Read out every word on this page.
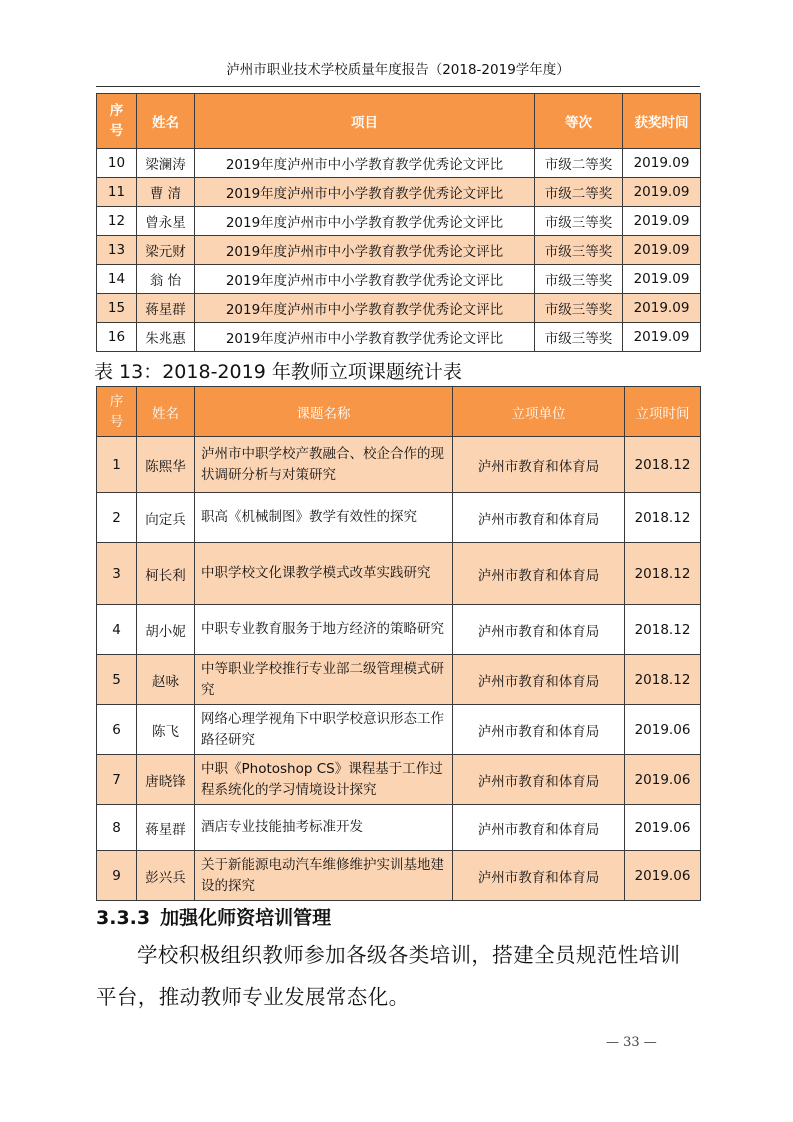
泸州市职业技术学校质量年度报告（2018-2019学年度）
序号	姓名	项目	等次	获奖时间
10	梁澜涛	2019年度泸州市中小学教育教学优秀论文评比	市级二等奖	2019.09
11	曹 清	2019年度泸州市中小学教育教学优秀论文评比	市级二等奖	2019.09
12	曾永星	2019年度泸州市中小学教育教学优秀论文评比	市级三等奖	2019.09
13	梁元财	2019年度泸州市中小学教育教学优秀论文评比	市级三等奖	2019.09
14	翁 怡	2019年度泸州市中小学教育教学优秀论文评比	市级三等奖	2019.09
15	蒋星群	2019年度泸州市中小学教育教学优秀论文评比	市级三等奖	2019.09
16	朱兆惠	2019年度泸州市中小学教育教学优秀论文评比	市级三等奖	2019.09
表 13：2018-2019 年教师立项课题统计表
序号	姓名	课题名称	立项单位	立项时间
1	陈熙华	泸州市中职学校产教融合、校企合作的现状调研分析与对策研究	泸州市教育和体育局	2018.12
2	向定兵	职高《机械制图》教学有效性的探究	泸州市教育和体育局	2018.12
3	柯长利	中职学校文化课教学模式改革实践研究	泸州市教育和体育局	2018.12
4	胡小妮	中职专业教育服务于地方经济的策略研究	泸州市教育和体育局	2018.12
5	赵咏	中等职业学校推行专业部二级管理模式研究	泸州市教育和体育局	2018.12
6	陈飞	网络心理学视角下中职学校意识形态工作路径研究	泸州市教育和体育局	2019.06
7	唐晓锋	中职《Photoshop CS》课程基于工作过程系统化的学习情境设计探究	泸州市教育和体育局	2019.06
8	蒋星群	酒店专业技能抽考标准开发	泸州市教育和体育局	2019.06
9	彭兴兵	关于新能源电动汽车维修维护实训基地建设的探究	泸州市教育和体育局	2019.06
3.3.3 加强化师资培训管理
学校积极组织教师参加各级各类培训，搭建全员规范性培训平台，推动教师专业发展常态化。
— 33 —
